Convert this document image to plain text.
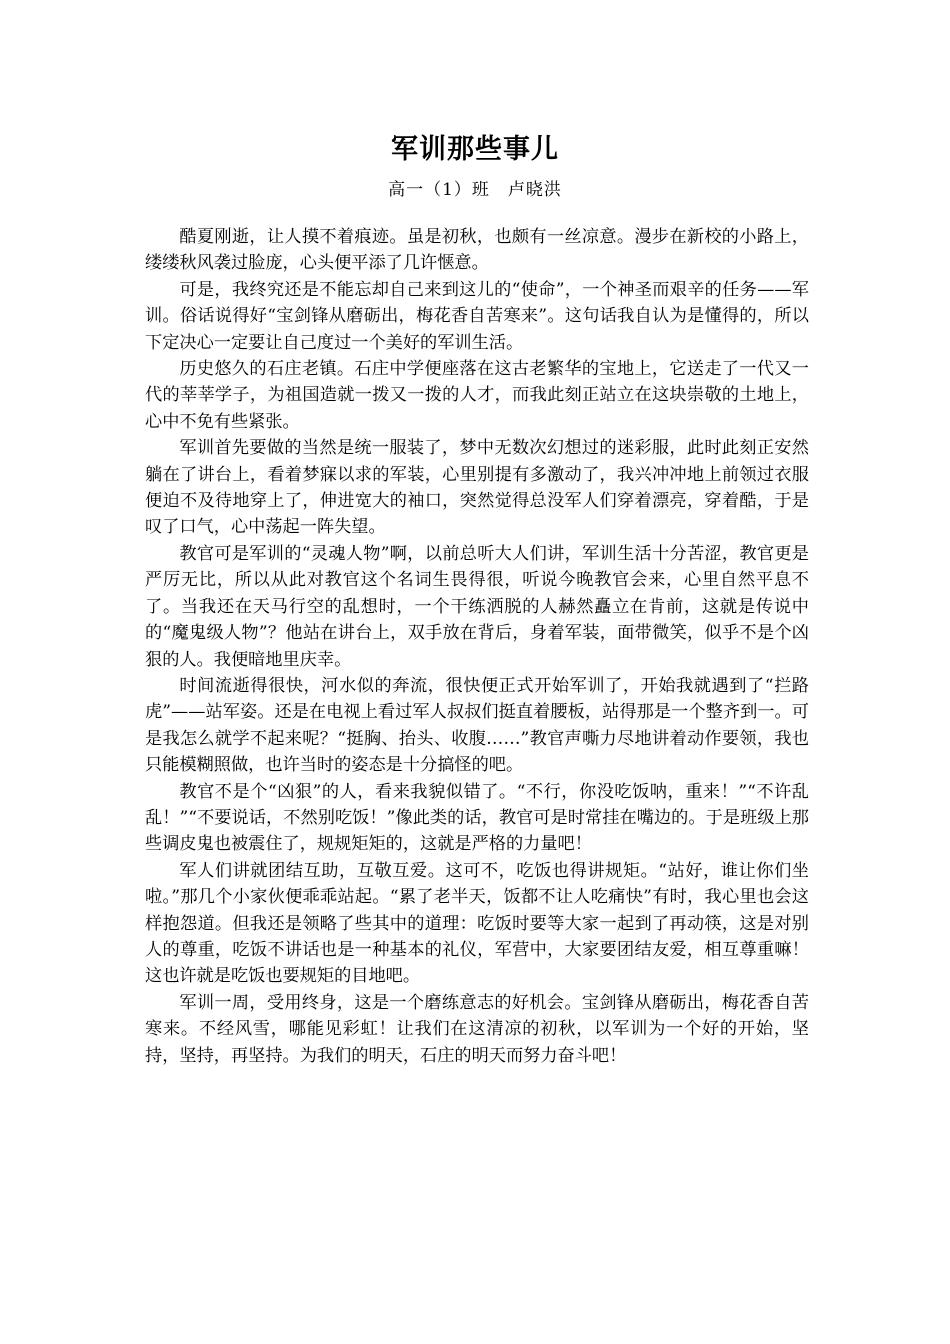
军训那些事儿
高一（1）班　卢晓洪

酷夏刚逝，让人摸不着痕迹。虽是初秋，也颇有一丝凉意。漫步在新校的小路上，缕缕秋风袭过脸庞，心头便平添了几许惬意。

可是，我终究还是不能忘却自己来到这儿的“使命”，一个神圣而艰辛的任务——军训。俗话说得好“宝剑锋从磨砺出，梅花香自苦寒来”。这句话我自认为是懂得的，所以下定决心一定要让自己度过一个美好的军训生活。

历史悠久的石庄老镇。石庄中学便座落在这古老繁华的宝地上，它送走了一代又一代的莘莘学子，为祖国造就一拨又一拨的人才，而我此刻正站立在这块崇敬的土地上，心中不免有些紧张。

军训首先要做的当然是统一服装了，梦中无数次幻想过的迷彩服，此时此刻正安然躺在了讲台上，看着梦寐以求的军装，心里别提有多激动了，我兴冲冲地上前领过衣服便迫不及待地穿上了，伸进宽大的袖口，突然觉得总没军人们穿着漂亮，穿着酷，于是叹了口气，心中荡起一阵失望。

教官可是军训的“灵魂人物”啊，以前总听大人们讲，军训生活十分苦涩，教官更是严厉无比，所以从此对教官这个名词生畏得很，听说今晚教官会来，心里自然平息不了。当我还在天马行空的乱想时，一个干练洒脱的人赫然矗立在肯前，这就是传说中的“魔鬼级人物”？他站在讲台上，双手放在背后，身着军装，面带微笑，似乎不是个凶狠的人。我便暗地里庆幸。

时间流逝得很快，河水似的奔流，很快便正式开始军训了，开始我就遇到了“拦路虎”——站军姿。还是在电视上看过军人叔叔们挺直着腰板，站得那是一个整齐到一。可是我怎么就学不起来呢？“挺胸、抬头、收腹……”教官声嘶力尽地讲着动作要领，我也只能模糊照做，也许当时的姿态是十分搞怪的吧。

教官不是个“凶狠”的人，看来我貌似错了。“不行，你没吃饭呐，重来！”“不许乱乱！”“不要说话，不然别吃饭！”像此类的话，教官可是时常挂在嘴边的。于是班级上那些调皮鬼也被震住了，规规矩矩的，这就是严格的力量吧！

军人们讲就团结互助，互敬互爱。这可不，吃饭也得讲规矩。“站好，谁让你们坐啦。”那几个小家伙便乖乖站起。“累了老半天，饭都不让人吃痛快”有时，我心里也会这样抱怨道。但我还是领略了些其中的道理：吃饭时要等大家一起到了再动筷，这是对别人的尊重，吃饭不讲话也是一种基本的礼仪，军营中，大家要团结友爱，相互尊重嘛！这也许就是吃饭也要规矩的目地吧。

军训一周，受用终身，这是一个磨练意志的好机会。宝剑锋从磨砺出，梅花香自苦寒来。不经风雪，哪能见彩虹！让我们在这清凉的初秋，以军训为一个好的开始，坚持，坚持，再坚持。为我们的明天，石庄的明天而努力奋斗吧！
